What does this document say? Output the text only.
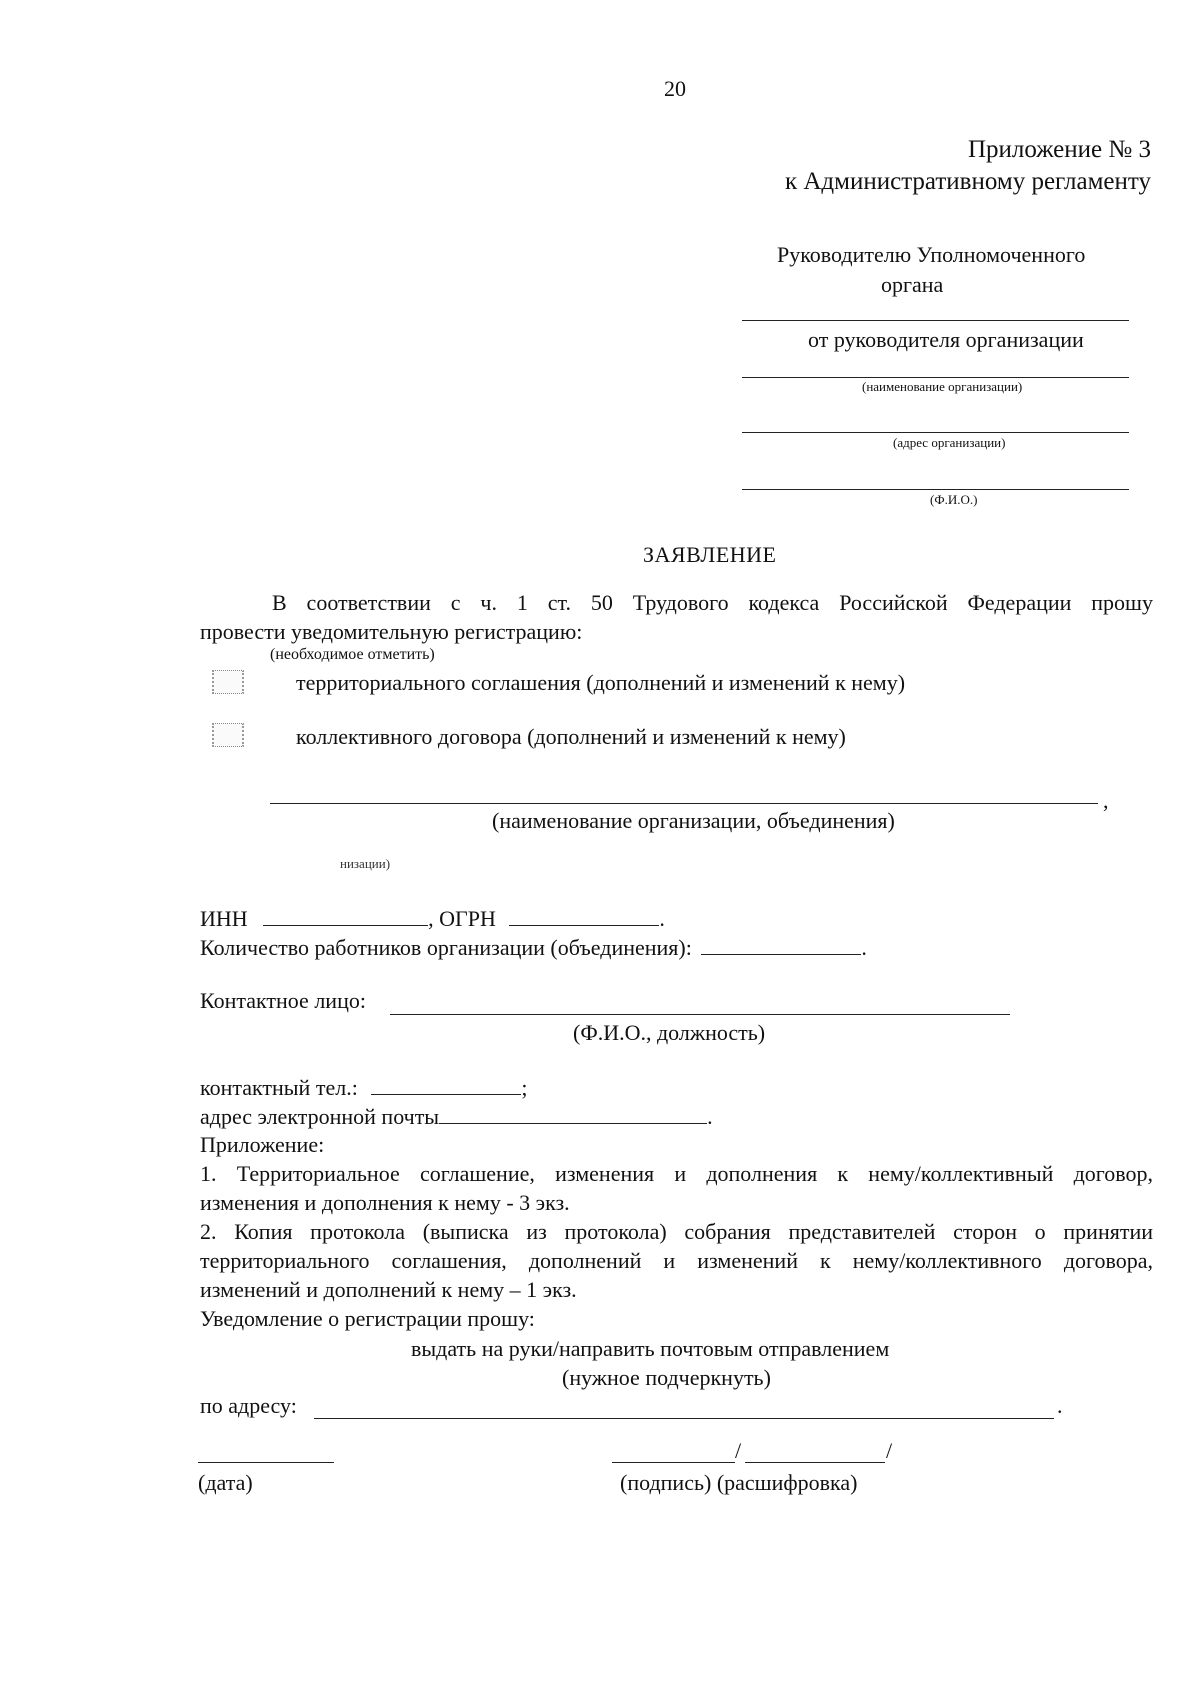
20
Приложение № 3
к Административному регламенту
Руководителю Уполномоченного
органа
от руководителя организации
(наименование организации)
(адрес организации)
(Ф.И.О.)
ЗАЯВЛЕНИЕ
В соответствии с ч. 1 ст. 50 Трудового кодекса Российской Федерации прошу
провести уведомительную регистрацию:
(необходимое отметить)
территориального соглашения (дополнений и изменений к нему)
коллективного договора (дополнений и изменений к нему)
,
(наименование организации, объединения)
низации)
ИНН	, ОГРН	.
Количество работников организации (объединения):	.
Контактное лицо:
(Ф.И.О., должность)
контактный тел.:	;
адрес электронной почты	.
Приложение:
1. Территориальное соглашение, изменения и дополнения к нему/коллективный договор,
изменения и дополнения к нему - 3 экз.
2. Копия протокола (выписка из протокола) собрания представителей сторон о принятии
территориального соглашения, дополнений и изменений к нему/коллективного договора,
изменений и дополнений к нему – 1 экз.
Уведомление о регистрации прошу:
выдать на руки/направить почтовым отправлением
(нужное подчеркнуть)
по адресу:	.
(дата)
/	/
(подпись) (расшифровка)
